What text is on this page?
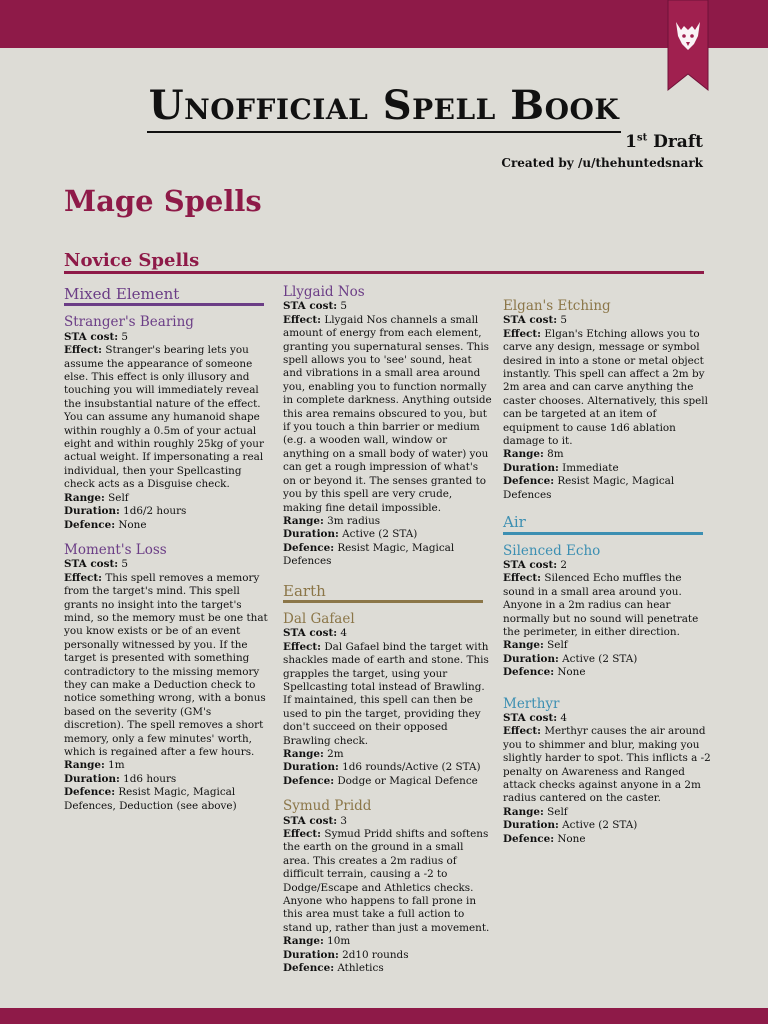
Unofficial Spell Book
1st Draft
Created by /u/thehuntedsnark
Mage Spells
Novice Spells
Mixed Element
Stranger's Bearing

STA cost: 5

Effect: Stranger's bearing lets you assume the appearance of someone else. This effect is only illusory and touching you will immediately reveal the insubstantial nature of the effect. You can assume any humanoid shape within roughly a 0.5m of your actual eight and within roughly 25kg of your actual weight. If impersonating a real individual, then your Spellcasting check acts as a Disguise check.

Range: Self

Duration: 1d6/2 hours

Defence: None

Moment's Loss

STA cost: 5

Effect: This spell removes a memory from the target's mind. This spell grants no insight into the target's mind, so the memory must be one that you know exists or be of an event personally witnessed by you. If the target is presented with something contradictory to the missing memory they can make a Deduction check to notice something wrong, with a bonus based on the severity (GM's discretion). The spell removes a short memory, only a few minutes' worth, which is regained after a few hours.

Range: 1m

Duration: 1d6 hours

Defence: Resist Magic, Magical Defences, Deduction (see above)

Llygaid Nos

STA cost: 5

Effect: Llygaid Nos channels a small amount of energy from each element, granting you supernatural senses. This spell allows you to 'see' sound, heat and vibrations in a small area around you, enabling you to function normally in complete darkness. Anything outside this area remains obscured to you, but if you touch a thin barrier or medium (e.g. a wooden wall, window or anything on a small body of water) you can get a rough impression of what's on or beyond it. The senses granted to you by this spell are very crude, making fine detail impossible.

Range: 3m radius

Duration: Active (2 STA)

Defence: Resist Magic, Magical Defences

Earth
Dal Gafael

STA cost: 4

Effect: Dal Gafael bind the target with shackles made of earth and stone. This grapples the target, using your Spellcasting total instead of Brawling. If maintained, this spell can then be used to pin the target, providing they don't succeed on their opposed Brawling check.

Range: 2m

Duration: 1d6 rounds/Active (2 STA)

Defence: Dodge or Magical Defence

Symud Pridd

STA cost: 3

Effect: Symud Pridd shifts and softens the earth on the ground in a small area. This creates a 2m radius of difficult terrain, causing a -2 to Dodge/Escape and Athletics checks. Anyone who happens to fall prone in this area must take a full action to stand up, rather than just a movement.

Range: 10m

Duration: 2d10 rounds

Defence: Athletics

Elgan's Etching

STA cost: 5

Effect: Elgan's Etching allows you to carve any design, message or symbol desired in into a stone or metal object instantly. This spell can affect a 2m by 2m area and can carve anything the caster chooses. Alternatively, this spell can be targeted at an item of equipment to cause 1d6 ablation damage to it.

Range: 8m

Duration: Immediate

Defence: Resist Magic, Magical Defences

Air
Silenced Echo

STA cost: 2

Effect: Silenced Echo muffles the sound in a small area around you. Anyone in a 2m radius can hear normally but no sound will penetrate the perimeter, in either direction.

Range: Self

Duration: Active (2 STA)

Defence: None

Merthyr

STA cost: 4

Effect: Merthyr causes the air around you to shimmer and blur, making you slightly harder to spot. This inflicts a -2 penalty on Awareness and Ranged attack checks against anyone in a 2m radius cantered on the caster.

Range: Self

Duration: Active (2 STA)

Defence: None
